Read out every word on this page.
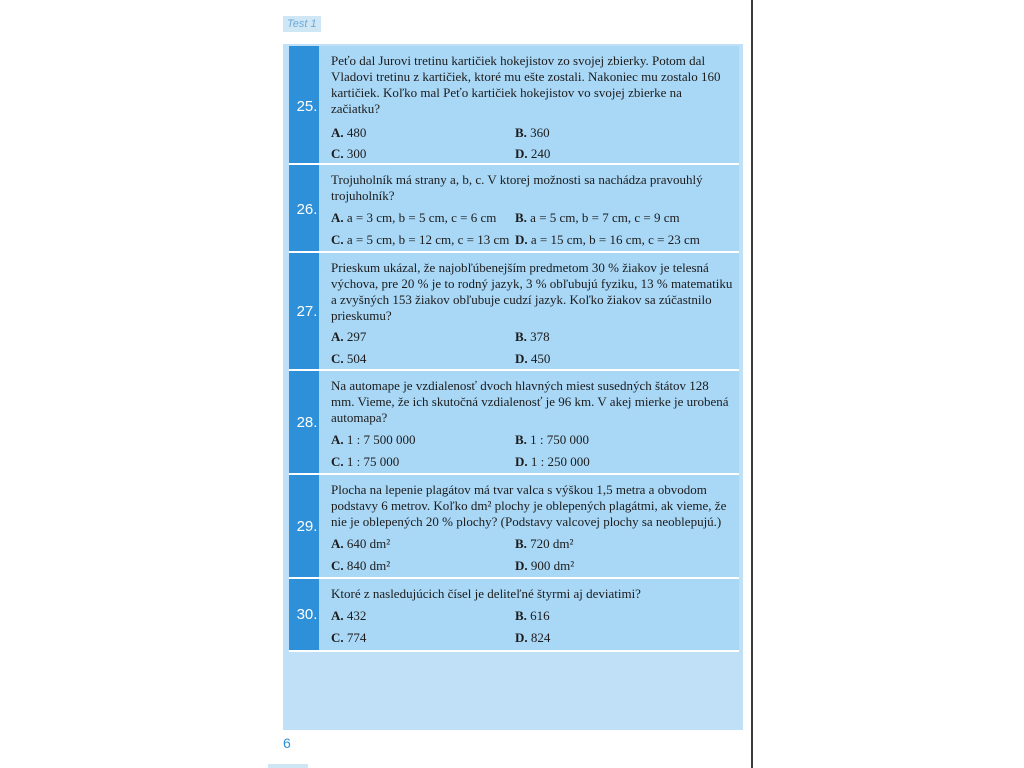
Test 1
25.
Peťo dal Jurovi tretinu kartičiek hokejistov zo svojej zbierky. Potom dal Vladovi tretinu z kartičiek, ktoré mu ešte zostali. Nakoniec mu zostalo 160 kartičiek. Koľko mal Peťo kartičiek hokejistov vo svojej zbierke na začiatku?
A. 480	B. 360
C. 300	D. 240
26.
Trojuholník má strany a, b, c. V ktorej možnosti sa nachádza pravouhlý trojuholník?
A. a = 3 cm, b = 5 cm, c = 6 cm B. a = 5 cm, b = 7 cm, c = 9 cm
C. a = 5 cm, b = 12 cm, c = 13 cm D. a = 15 cm, b = 16 cm, c = 23 cm
27.
Prieskum ukázal, že najobľúbenejším predmetom 30 % žiakov je telesná výchova, pre 20 % je to rodný jazyk, 3 % obľubujú fyziku, 13 % matematiku a zvyšných 153 žiakov obľubuje cudzí jazyk. Koľko žiakov sa zúčastnilo prieskumu?
A. 297	B. 378
C. 504	D. 450
28.
Na automape je vzdialenosť dvoch hlavných miest susedných štátov 128 mm. Vieme, že ich skutočná vzdialenosť je 96 km. V akej mierke je urobená automapa?
A. 1 : 7 500 000	B. 1 : 750 000
C. 1 : 75 000	D. 1 : 250 000
29.
Plocha na lepenie plagátov má tvar valca s výškou 1,5 metra a obvodom podstavy 6 metrov. Koľko dm² plochy je oblepených plagátmi, ak vieme, že nie je oblepených 20 % plochy? (Podstavy valcovej plochy sa neoblepujú.)
A. 640 dm²	B. 720 dm²
C. 840 dm²	D. 900 dm²
30.
Ktoré z nasledujúcich čísel je deliteľné štyrmi aj deviatimi?
A. 432	B. 616
C. 774	D. 824
6
